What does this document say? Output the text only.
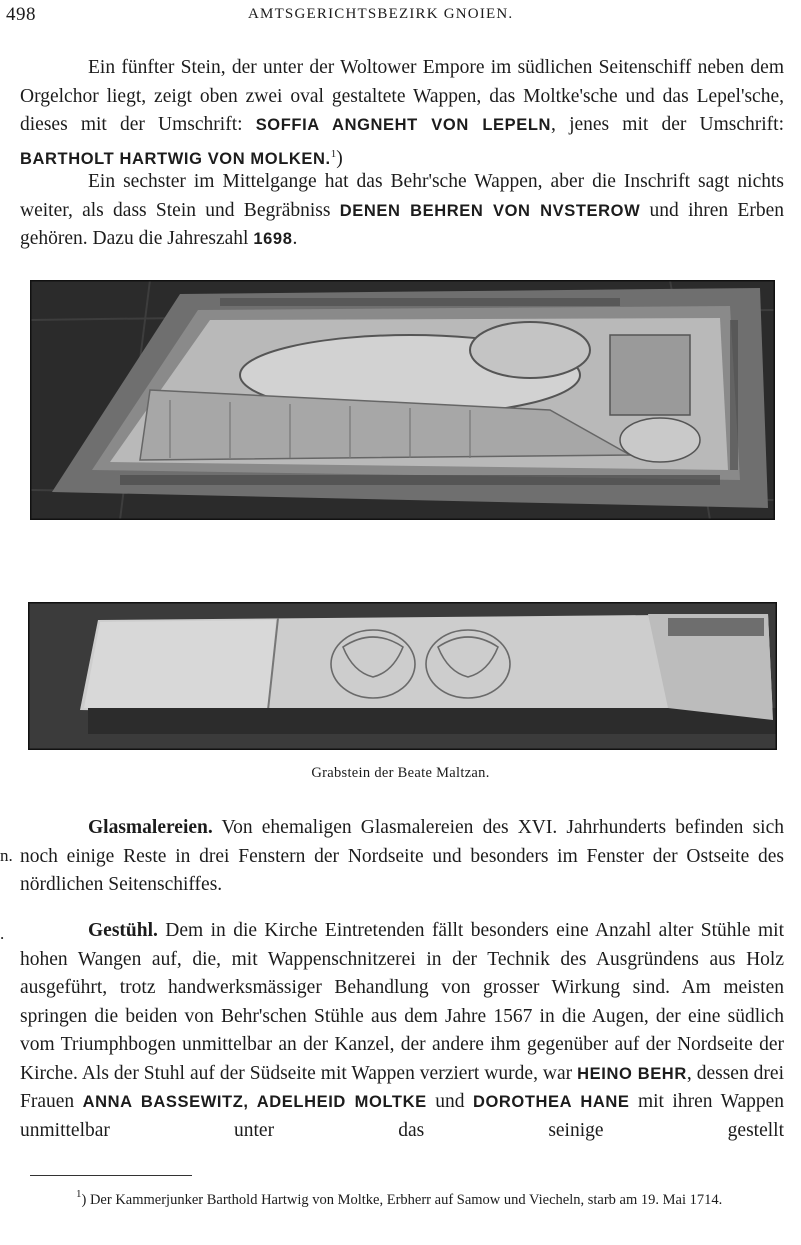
498	AMTSGERICHTSBEZIRK GNOIEN.

Ein fünfter Stein, der unter der Woltower Empore im südlichen Seitenschiff neben dem Orgelchor liegt, zeigt oben zwei oval gestaltete Wappen, das Moltke'sche und das Lepel'sche, dieses mit der Umschrift: SOFFIA ANGNEHT VON LEPELN, jenes mit der Umschrift: BARTHOLT HARTWIG VON MOLKEN.$^1$)

Ein sechster im Mittelgange hat das Behr'sche Wappen, aber die Inschrift sagt nichts weiter, als dass Stein und Begräbniss DENEN BEHREN VON NVSTEROW und ihren Erben gehören. Dazu die Jahreszahl 1698.

Grabstein der Beate Maltzan.
n.

Glasmalereien. Von ehemaligen Glasmalereien des XVI. Jahrhunderts befinden sich noch einige Reste in drei Fenstern der Nordseite und besonders im Fenster der Ostseite des nördlichen Seitenschiffes.

.	Gestühl. Dem in die Kirche Eintretenden fällt besonders eine Anzahl alter Stühle mit hohen Wangen auf, die, mit Wappenschnitzerei in der Technik des Ausgründens aus Holz ausgeführt, trotz handwerksmässiger Behandlung von grosser Wirkung sind. Am meisten springen die beiden von Behr'schen Stühle aus dem Jahre 1567 in die Augen, der eine südlich vom Triumphbogen unmittelbar an der Kanzel, der andere ihm gegenüber auf der Nordseite der Kirche. Als der Stuhl auf der Südseite mit Wappen verziert wurde, war HEINO BEHR, dessen drei Frauen ANNA BASSEWITZ, ADELHEID MOLTKE und DOROTHEA HANE mit ihren Wappen unmittelbar unter das seinige gestellt

$^1$) Der Kammerjunker Barthold Hartwig von Moltke, Erbherr auf Samow und Viecheln, starb am 19. Mai 1714.
